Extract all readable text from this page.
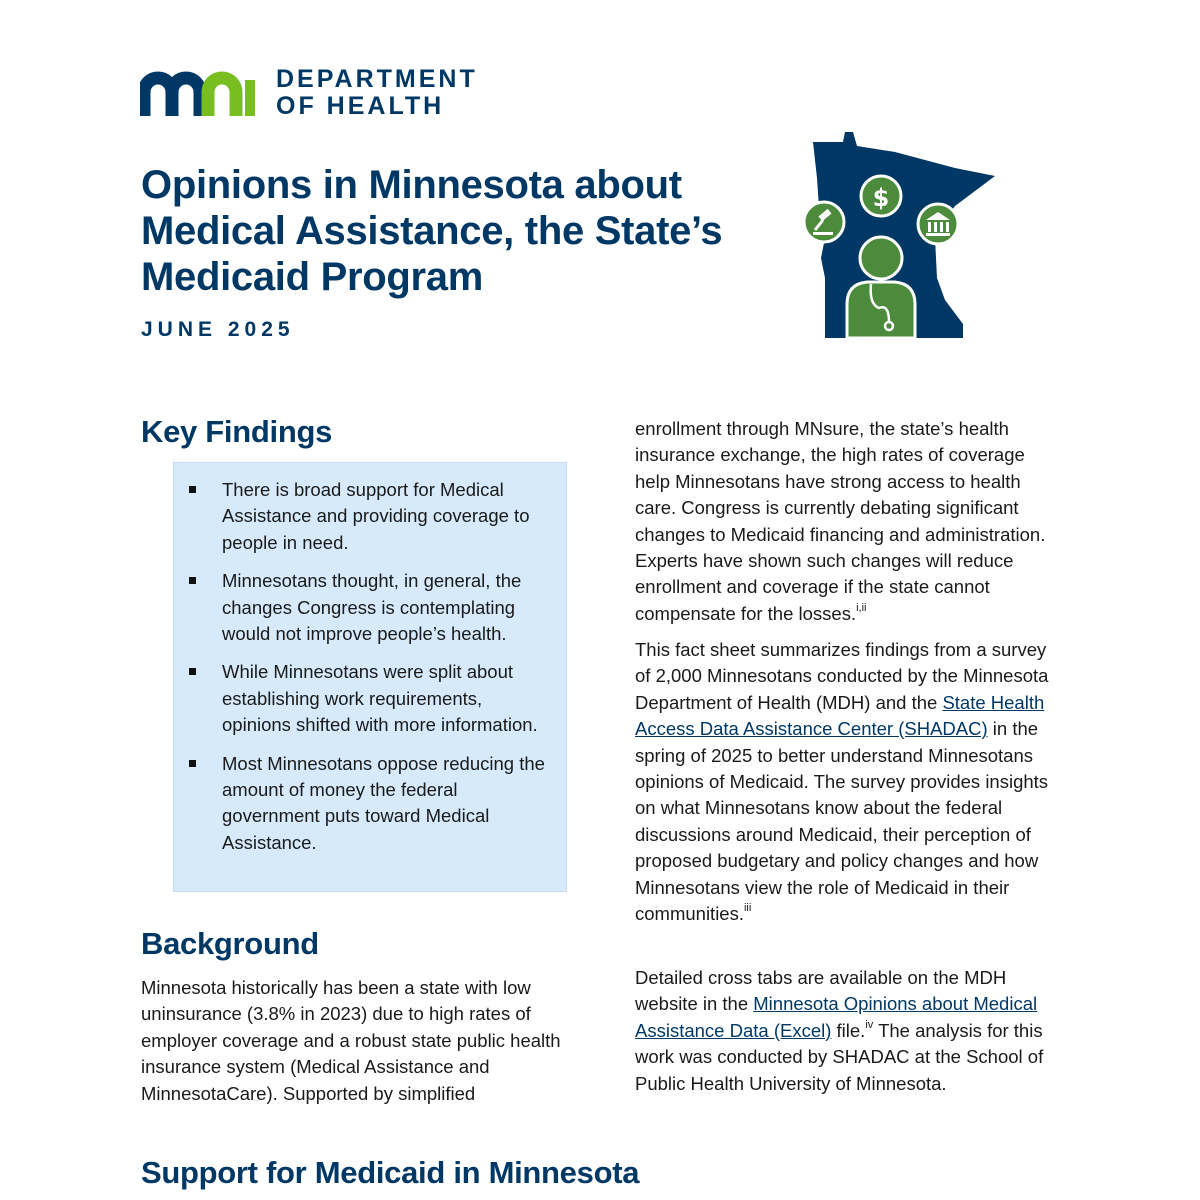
DEPARTMENT
OF HEALTH
Opinions in Minnesota about Medical Assistance, the State’s Medicaid Program
JUNE 2025
$
Key Findings
There is broad support for Medical Assistance and providing coverage to people in need.
Minnesotans thought, in general, the changes Congress is contemplating would not improve people’s health.
While Minnesotans were split about establishing work requirements, opinions shifted with more information.
Most Minnesotans oppose reducing the amount of money the federal government puts toward Medical Assistance.
Background

Minnesota historically has been a state with low uninsurance (3.8% in 2023) due to high rates of employer coverage and a robust state public health insurance system (Medical Assistance and MinnesotaCare). Supported by simplified

Support for Medicaid in Minnesota

enrollment through MNsure, the state’s health insurance exchange, the high rates of coverage help Minnesotans have strong access to health care. Congress is currently debating significant changes to Medicaid financing and administration. Experts have shown such changes will reduce enrollment and coverage if the state cannot compensate for the losses.$^{i,ii}$

This fact sheet summarizes findings from a survey of 2,000 Minnesotans conducted by the Minnesota Department of Health (MDH) and the State Health Access Data Assistance Center (SHADAC) in the spring of 2025 to better understand Minnesotans opinions of Medicaid. The survey provides insights on what Minnesotans know about the federal discussions around Medicaid, their perception of proposed budgetary and policy changes and how Minnesotans view the role of Medicaid in their communities.$^{iii}$

Detailed cross tabs are available on the MDH website in the Minnesota Opinions about Medical Assistance Data (Excel) file.$^{iv}$ The analysis for this work was conducted by SHADAC at the School of Public Health University of Minnesota.
